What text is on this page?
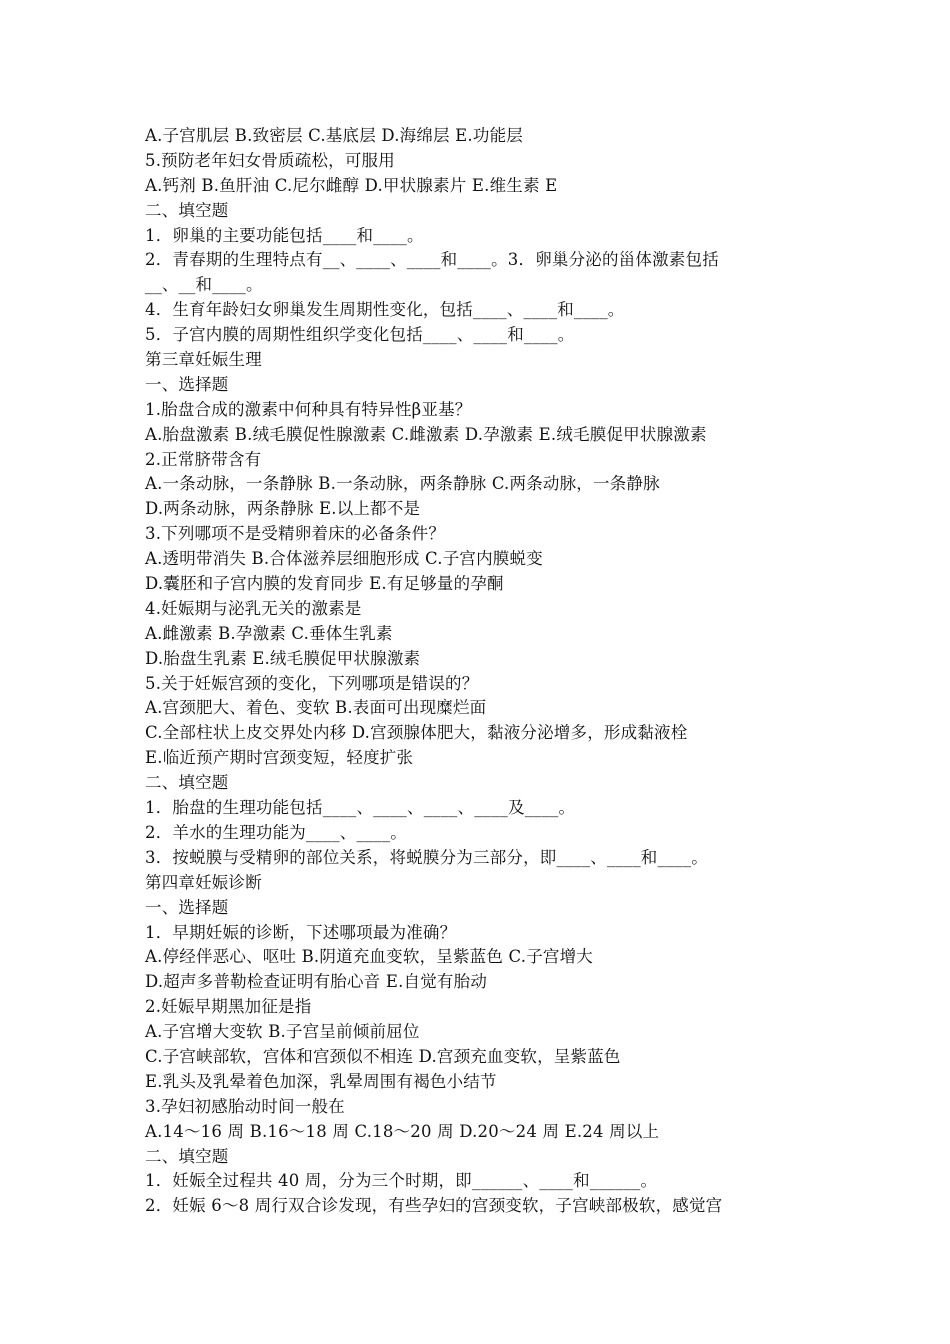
A.子宫肌层 B.致密层 C.基底层 D.海绵层 E.功能层
5.预防老年妇女骨质疏松，可服用
A.钙剂 B.鱼肝油 C.尼尔雌醇 D.甲状腺素片 E.维生素 E
二、填空题
1．卵巢的主要功能包括____和____。
2．青春期的生理特点有__、____、____和____。3．卵巢分泌的甾体激素包括
__、__和____。
4．生育年龄妇女卵巢发生周期性变化，包括____、____和____。
5．子宫内膜的周期性组织学变化包括____、____和____。
第三章妊娠生理
一、选择题
1.胎盘合成的激素中何种具有特异性β亚基？
A.胎盘激素 B.绒毛膜促性腺激素 C.雌激素 D.孕激素 E.绒毛膜促甲状腺激素
2.正常脐带含有
A.一条动脉，一条静脉 B.一条动脉，两条静脉 C.两条动脉，一条静脉
D.两条动脉，两条静脉 E.以上都不是
3.下列哪项不是受精卵着床的必备条件？
A.透明带消失 B.合体滋养层细胞形成 C.子宫内膜蜕变
D.囊胚和子宫内膜的发育同步 E.有足够量的孕酮
4.妊娠期与泌乳无关的激素是
A.雌激素 B.孕激素 C.垂体生乳素
D.胎盘生乳素 E.绒毛膜促甲状腺激素
5.关于妊娠宫颈的变化，下列哪项是错误的？
A.宫颈肥大、着色、变软 B.表面可出现糜烂面
C.全部柱状上皮交界处内移 D.宫颈腺体肥大，黏液分泌增多，形成黏液栓
E.临近预产期时宫颈变短，轻度扩张
二、填空题
1．胎盘的生理功能包括____、____、____、____及____。
2．羊水的生理功能为____、____。
3．按蜕膜与受精卵的部位关系，将蜕膜分为三部分，即____、____和____。
第四章妊娠诊断
一、选择题
1．早期妊娠的诊断，下述哪项最为准确？
A.停经伴恶心、呕吐 B.阴道充血变软，呈紫蓝色 C.子宫增大
D.超声多普勒检查证明有胎心音 E.自觉有胎动
2.妊娠早期黑加征是指
A.子宫增大变软 B.子宫呈前倾前屈位
C.子宫峡部软，宫体和宫颈似不相连 D.宫颈充血变软，呈紫蓝色
E.乳头及乳晕着色加深，乳晕周围有褐色小结节
3.孕妇初感胎动时间一般在
A.14～16 周 B.16～18 周 C.18～20 周 D.20～24 周 E.24 周以上
二、填空题
1．妊娠全过程共 40 周，分为三个时期，即______、____和______。
2．妊娠 6～8 周行双合诊发现，有些孕妇的宫颈变软，子宫峡部极软，感觉宫
